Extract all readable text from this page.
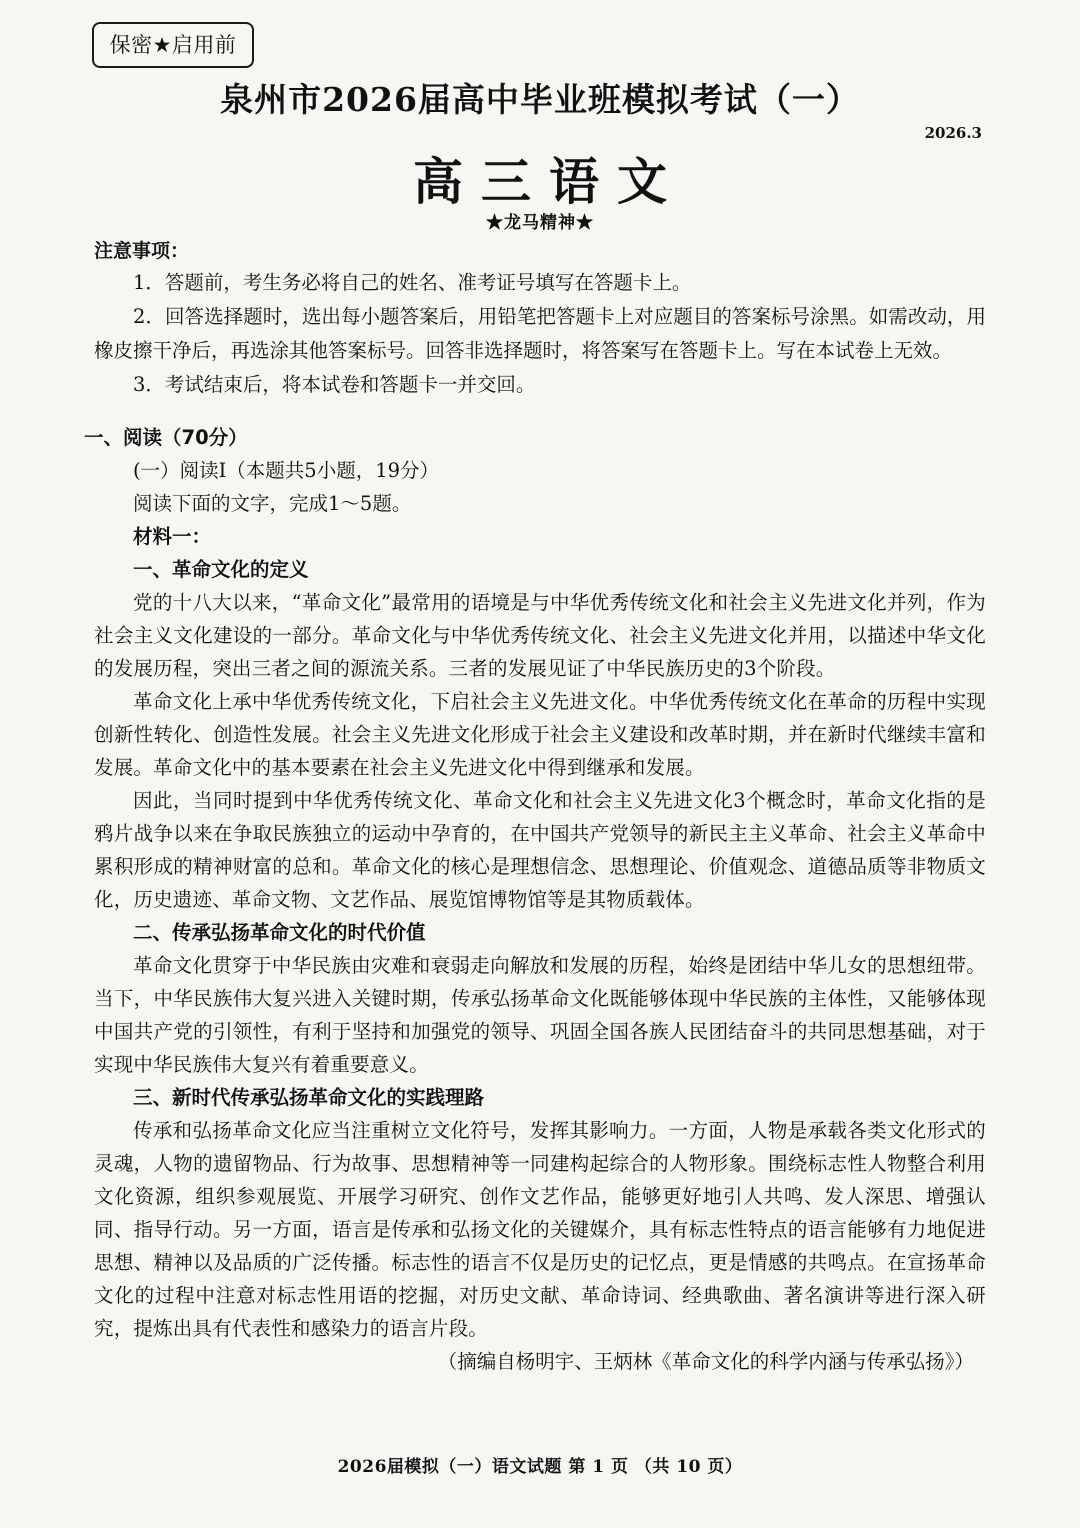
保密★启用前
泉州市2026届高中毕业班模拟考试（一）
2026.3
高三语文
★龙马精神★

注意事项：

1．答题前，考生务必将自己的姓名、准考证号填写在答题卡上。

2．回答选择题时，选出每小题答案后，用铅笔把答题卡上对应题目的答案标号涂黑。如需改动，用橡皮擦干净后，再选涂其他答案标号。回答非选择题时，将答案写在答题卡上。写在本试卷上无效。

3．考试结束后，将本试卷和答题卡一并交回。

一、阅读（70分）

(一）阅读Ⅰ（本题共5小题，19分）

阅读下面的文字，完成1～5题。

材料一：

一、革命文化的定义

党的十八大以来，“革命文化”最常用的语境是与中华优秀传统文化和社会主义先进文化并列，作为社会主义文化建设的一部分。革命文化与中华优秀传统文化、社会主义先进文化并用，以描述中华文化的发展历程，突出三者之间的源流关系。三者的发展见证了中华民族历史的3个阶段。

革命文化上承中华优秀传统文化，下启社会主义先进文化。中华优秀传统文化在革命的历程中实现创新性转化、创造性发展。社会主义先进文化形成于社会主义建设和改革时期，并在新时代继续丰富和发展。革命文化中的基本要素在社会主义先进文化中得到继承和发展。

因此，当同时提到中华优秀传统文化、革命文化和社会主义先进文化3个概念时，革命文化指的是鸦片战争以来在争取民族独立的运动中孕育的，在中国共产党领导的新民主主义革命、社会主义革命中累积形成的精神财富的总和。革命文化的核心是理想信念、思想理论、价值观念、道德品质等非物质文化，历史遗迹、革命文物、文艺作品、展览馆博物馆等是其物质载体。

二、传承弘扬革命文化的时代价值

革命文化贯穿于中华民族由灾难和衰弱走向解放和发展的历程，始终是团结中华儿女的思想纽带。当下，中华民族伟大复兴进入关键时期，传承弘扬革命文化既能够体现中华民族的主体性，又能够体现中国共产党的引领性，有利于坚持和加强党的领导、巩固全国各族人民团结奋斗的共同思想基础，对于实现中华民族伟大复兴有着重要意义。

三、新时代传承弘扬革命文化的实践理路

传承和弘扬革命文化应当注重树立文化符号，发挥其影响力。一方面，人物是承载各类文化形式的灵魂，人物的遗留物品、行为故事、思想精神等一同建构起综合的人物形象。围绕标志性人物整合利用文化资源，组织参观展览、开展学习研究、创作文艺作品，能够更好地引人共鸣、发人深思、增强认同、指导行动。另一方面，语言是传承和弘扬文化的关键媒介，具有标志性特点的语言能够有力地促进思想、精神以及品质的广泛传播。标志性的语言不仅是历史的记忆点，更是情感的共鸣点。在宣扬革命文化的过程中注意对标志性用语的挖掘，对历史文献、革命诗词、经典歌曲、著名演讲等进行深入研究，提炼出具有代表性和感染力的语言片段。

（摘编自杨明宇、王炳林《革命文化的科学内涵与传承弘扬》）

2026届模拟（一）语文试题 第 1 页 （共 10 页）
